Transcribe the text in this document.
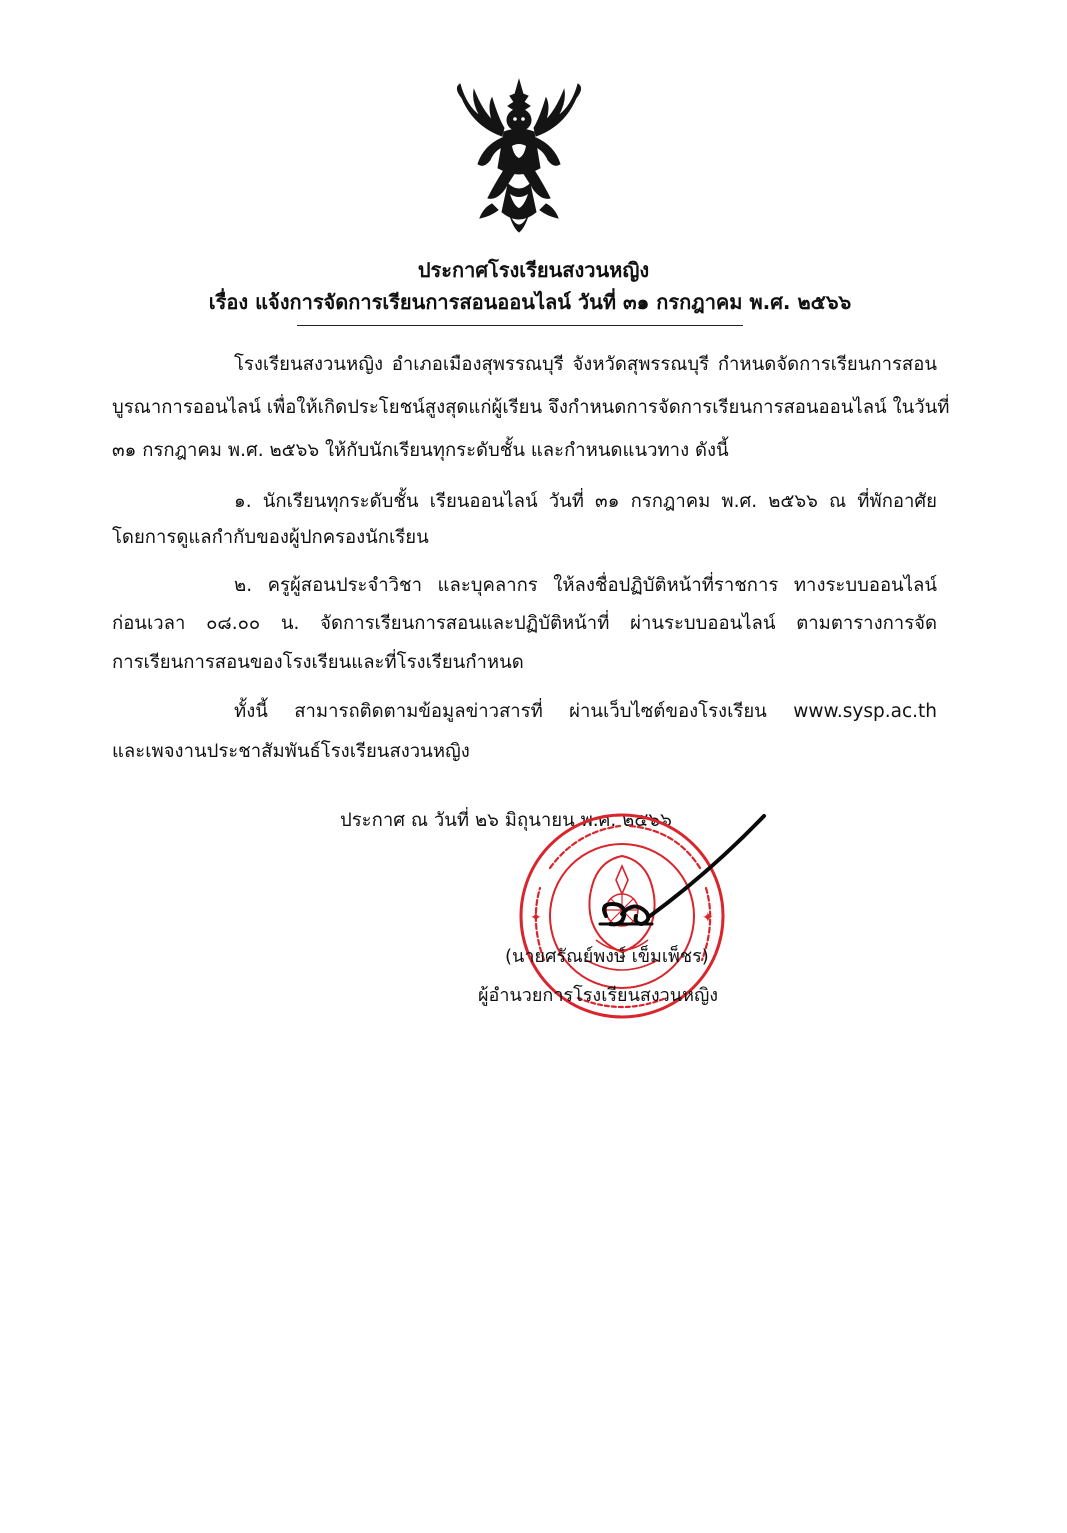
ประกาศโรงเรียนสงวนหญิง
เรื่อง แจ้งการจัดการเรียนการสอนออนไลน์ วันที่ ๓๑ กรกฎาคม พ.ศ. ๒๕๖๖
โรงเรียนสงวนหญิง อำเภอเมืองสุพรรณบุรี จังหวัดสุพรรณบุรี กำหนดจัดการเรียนการสอน
บูรณาการออนไลน์ เพื่อให้เกิดประโยชน์สูงสุดแก่ผู้เรียน จึงกำหนดการจัดการเรียนการสอนออนไลน์ ในวันที่
๓๑ กรกฎาคม พ.ศ. ๒๕๖๖ ให้กับนักเรียนทุกระดับชั้น และกำหนดแนวทาง ดังนี้
๑. นักเรียนทุกระดับชั้น เรียนออนไลน์ วันที่ ๓๑ กรกฎาคม พ.ศ. ๒๕๖๖ ณ ที่พักอาศัย
โดยการดูแลกำกับของผู้ปกครองนักเรียน
๒. ครูผู้สอนประจำวิชา และบุคลากร ให้ลงชื่อปฏิบัติหน้าที่ราชการ ทางระบบออนไลน์
ก่อนเวลา ๐๘.๐๐ น. จัดการเรียนการสอนและปฏิบัติหน้าที่ ผ่านระบบออนไลน์ ตามตารางการจัด
การเรียนการสอนของโรงเรียนและที่โรงเรียนกำหนด
ทั้งนี้ สามารถติดตามข้อมูลข่าวสารที่ ผ่านเว็บไซต์ของโรงเรียน www.sysp.ac.th
และเพจงานประชาสัมพันธ์โรงเรียนสงวนหญิง
ประกาศ ณ วันที่ ๒๖ มิถุนายน พ.ศ. ๒๕๖๖
✦	✦
(นายศรัณย์พงษ์ เข็มเพ็ชร)
ผู้อำนวยการโรงเรียนสงวนหญิง
